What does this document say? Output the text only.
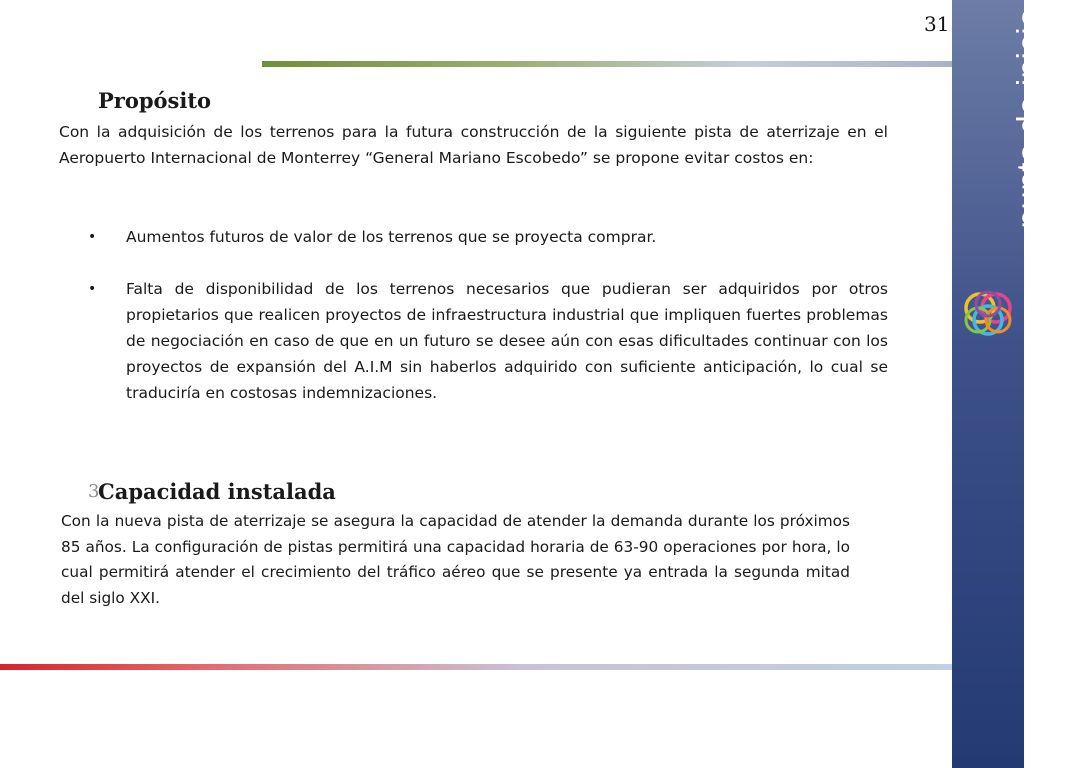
31
Propósito

Con la adquisición de los terrenos para la futura construcción de la siguiente pista de aterrizaje en el Aeropuerto Internacional de Monterrey “General Mariano Escobedo” se propone evitar costos en:

• Aumentos futuros de valor de los terrenos que se proyecta comprar.

• Falta de disponibilidad de los terrenos necesarios que pudieran ser adquiridos por otros propietarios que realicen proyectos de infraestructura industrial que impliquen fuertes problemas de negociación en caso de que en un futuro se desee aún con esas dificultades continuar con los proyectos de expansión del A.I.M sin haberlos adquirido con suficiente anticipación, lo cual se traduciría en costosas indemnizaciones.

3
Capacidad instalada

Con la nueva pista de aterrizaje se asegura la capacidad de atender la demanda durante los próximos 85 años. La configuración de pistas permitirá una capacidad horaria de 63-90 operaciones por hora, lo cual permitirá atender el crecimiento del tráfico aéreo que se presente ya entrada la segunda mitad del siglo XXI.

punto de inicio evaluación económica y financiera de proyectos de inversión
